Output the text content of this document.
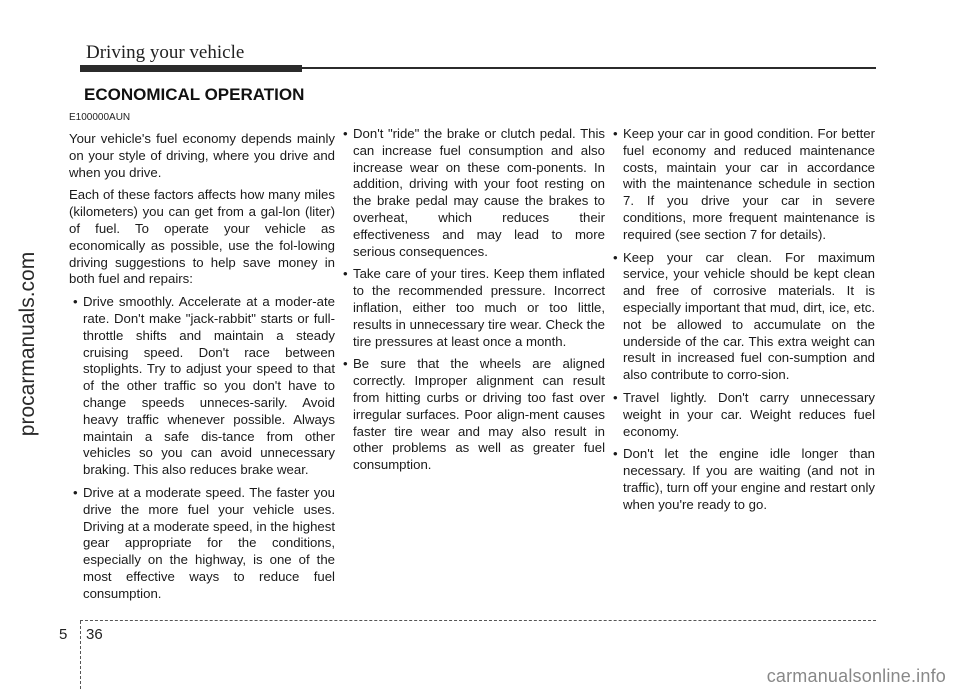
Driving your vehicle
procarmanuals.com
ECONOMICAL OPERATION

E100000AUN

Your vehicle's fuel economy depends mainly on your style of driving, where you drive and when you drive.

Each of these factors affects how many miles (kilometers) you can get from a gal-lon (liter) of fuel. To operate your vehicle as economically as possible, use the fol-lowing driving suggestions to help save money in both fuel and repairs:

• Drive smoothly. Accelerate at a moder-ate rate. Don't make "jack-rabbit" starts or full-throttle shifts and maintain a steady cruising speed. Don't race between stoplights. Try to adjust your speed to that of the other traffic so you don't have to change speeds unneces-sarily. Avoid heavy traffic whenever possible. Always maintain a safe dis-tance from other vehicles so you can avoid unnecessary braking. This also reduces brake wear.
• Drive at a moderate speed. The faster you drive the more fuel your vehicle uses. Driving at a moderate speed, in the highest gear appropriate for the conditions, especially on the highway, is one of the most effective ways to reduce fuel consumption.
• Don't "ride" the brake or clutch pedal. This can increase fuel consumption and also increase wear on these com-ponents. In addition, driving with your foot resting on the brake pedal may cause the brakes to overheat, which reduces their effectiveness and may lead to more serious consequences.
• Take care of your tires. Keep them inflated to the recommended pressure. Incorrect inflation, either too much or too little, results in unnecessary tire wear. Check the tire pressures at least once a month.
• Be sure that the wheels are aligned correctly. Improper alignment can result from hitting curbs or driving too fast over irregular surfaces. Poor align-ment causes faster tire wear and may also result in other problems as well as greater fuel consumption.
• Keep your car in good condition. For better fuel economy and reduced maintenance costs, maintain your car in accordance with the maintenance schedule in section 7. If you drive your car in severe conditions, more frequent maintenance is required (see section 7 for details).
• Keep your car clean. For maximum service, your vehicle should be kept clean and free of corrosive materials. It is especially important that mud, dirt, ice, etc. not be allowed to accumulate on the underside of the car. This extra weight can result in increased fuel con-sumption and also contribute to corro-sion.
• Travel lightly. Don't carry unnecessary weight in your car. Weight reduces fuel economy.
• Don't let the engine idle longer than necessary. If you are waiting (and not in traffic), turn off your engine and restart only when you're ready to go.
5 36
carmanualsonline.info
